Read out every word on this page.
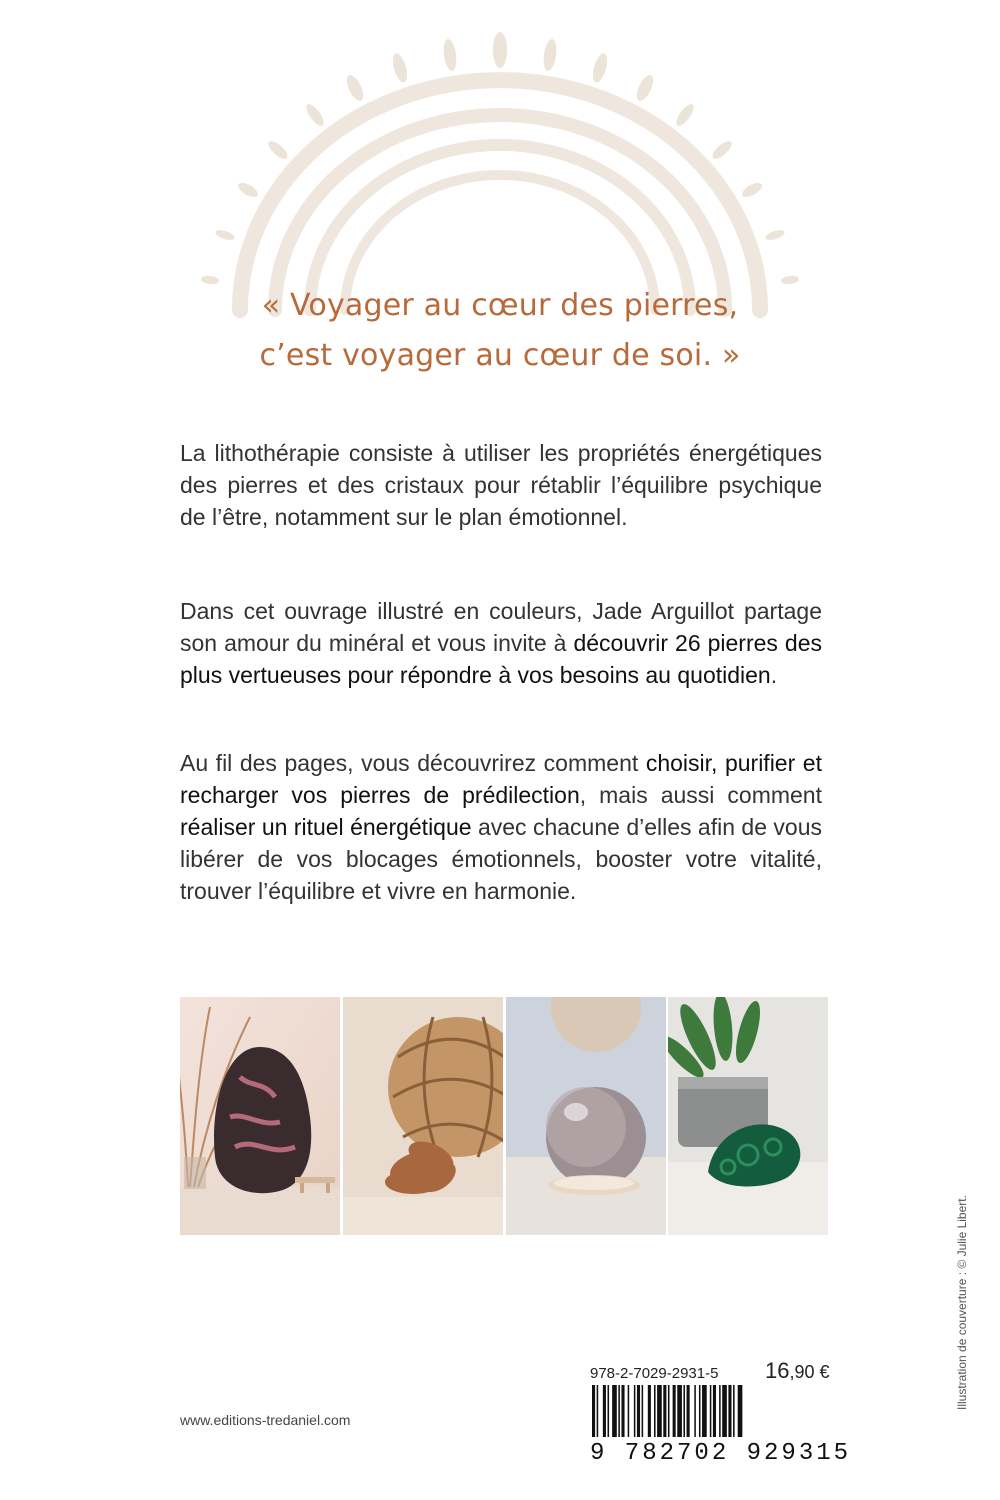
« Voyager au cœur des pierres,
c’est voyager au cœur de soi. »

La lithothérapie consiste à utiliser les propriétés énergétiques des pierres et des cristaux pour rétablir l’équilibre psychique de l’être, notamment sur le plan émotionnel.

Dans cet ouvrage illustré en couleurs, Jade Arguillot partage son amour du minéral et vous invite à découvrir 26 pierres des plus vertueuses pour répondre à vos besoins au quotidien.

Au fil des pages, vous découvrirez comment choisir, purifier et recharger vos pierres de prédilection, mais aussi comment réaliser un rituel énergétique avec chacune d’elles afin de vous libérer de vos blocages émotionnels, booster votre vitalité, trouver l’équilibre et vivre en harmonie.

978-2-7029-2931-5 16,90 €
9 782702 929315
www.editions-tredaniel.com
Illustration de couverture : © Julie Libert.
